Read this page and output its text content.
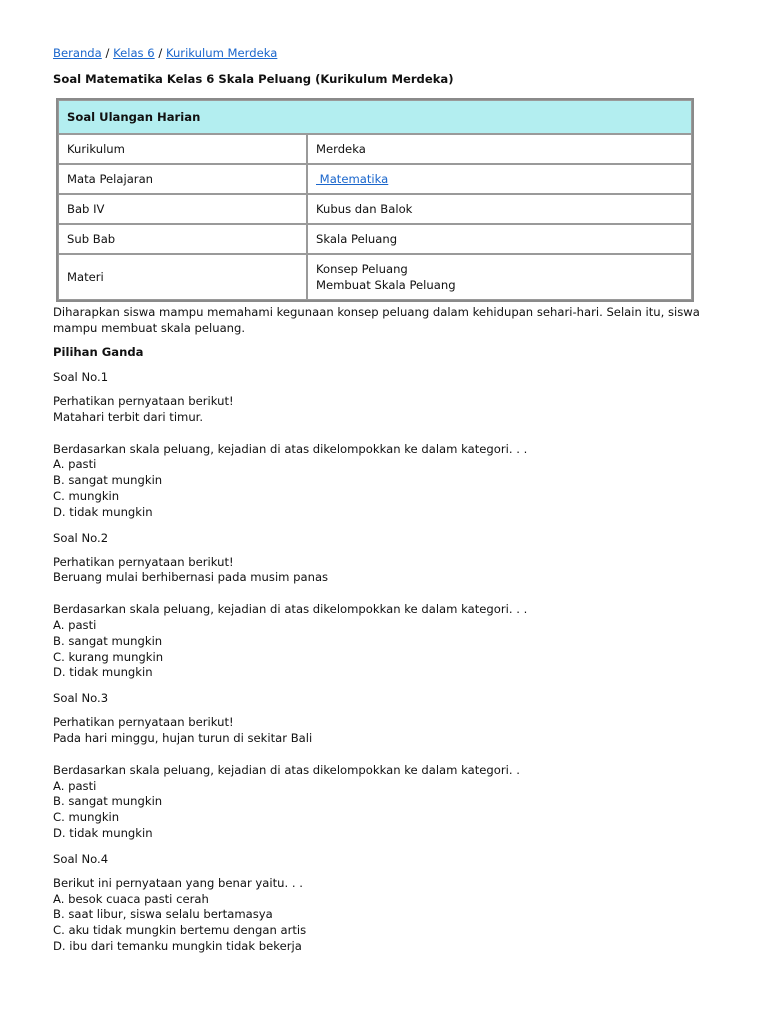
Beranda / Kelas 6 / Kurikulum Merdeka
Soal Matematika Kelas 6 Skala Peluang (Kurikulum Merdeka)
Soal Ulangan Harian	
Kurikulum	Merdeka
Mata Pelajaran	Matematika
Bab IV	Kubus dan Balok
Sub Bab	Skala Peluang
Materi	Konsep Peluang
Membuat Skala Peluang
Diharapkan siswa mampu memahami kegunaan konsep peluang dalam kehidupan sehari-hari. Selain itu, siswa mampu membuat skala peluang.
Pilihan Ganda
Soal No.1
Perhatikan pernyataan berikut!
Matahari terbit dari timur.
Berdasarkan skala peluang, kejadian di atas dikelompokkan ke dalam kategori. . .
A. pasti
B. sangat mungkin
C. mungkin
D. tidak mungkin
Soal No.2
Perhatikan pernyataan berikut!
Beruang mulai berhibernasi pada musim panas
Berdasarkan skala peluang, kejadian di atas dikelompokkan ke dalam kategori. . .
A. pasti
B. sangat mungkin
C. kurang mungkin
D. tidak mungkin
Soal No.3
Perhatikan pernyataan berikut!
Pada hari minggu, hujan turun di sekitar Bali
Berdasarkan skala peluang, kejadian di atas dikelompokkan ke dalam kategori. .
A. pasti
B. sangat mungkin
C. mungkin
D. tidak mungkin
Soal No.4
Berikut ini pernyataan yang benar yaitu. . .
A. besok cuaca pasti cerah
B. saat libur, siswa selalu bertamasya
C. aku tidak mungkin bertemu dengan artis
D. ibu dari temanku mungkin tidak bekerja
